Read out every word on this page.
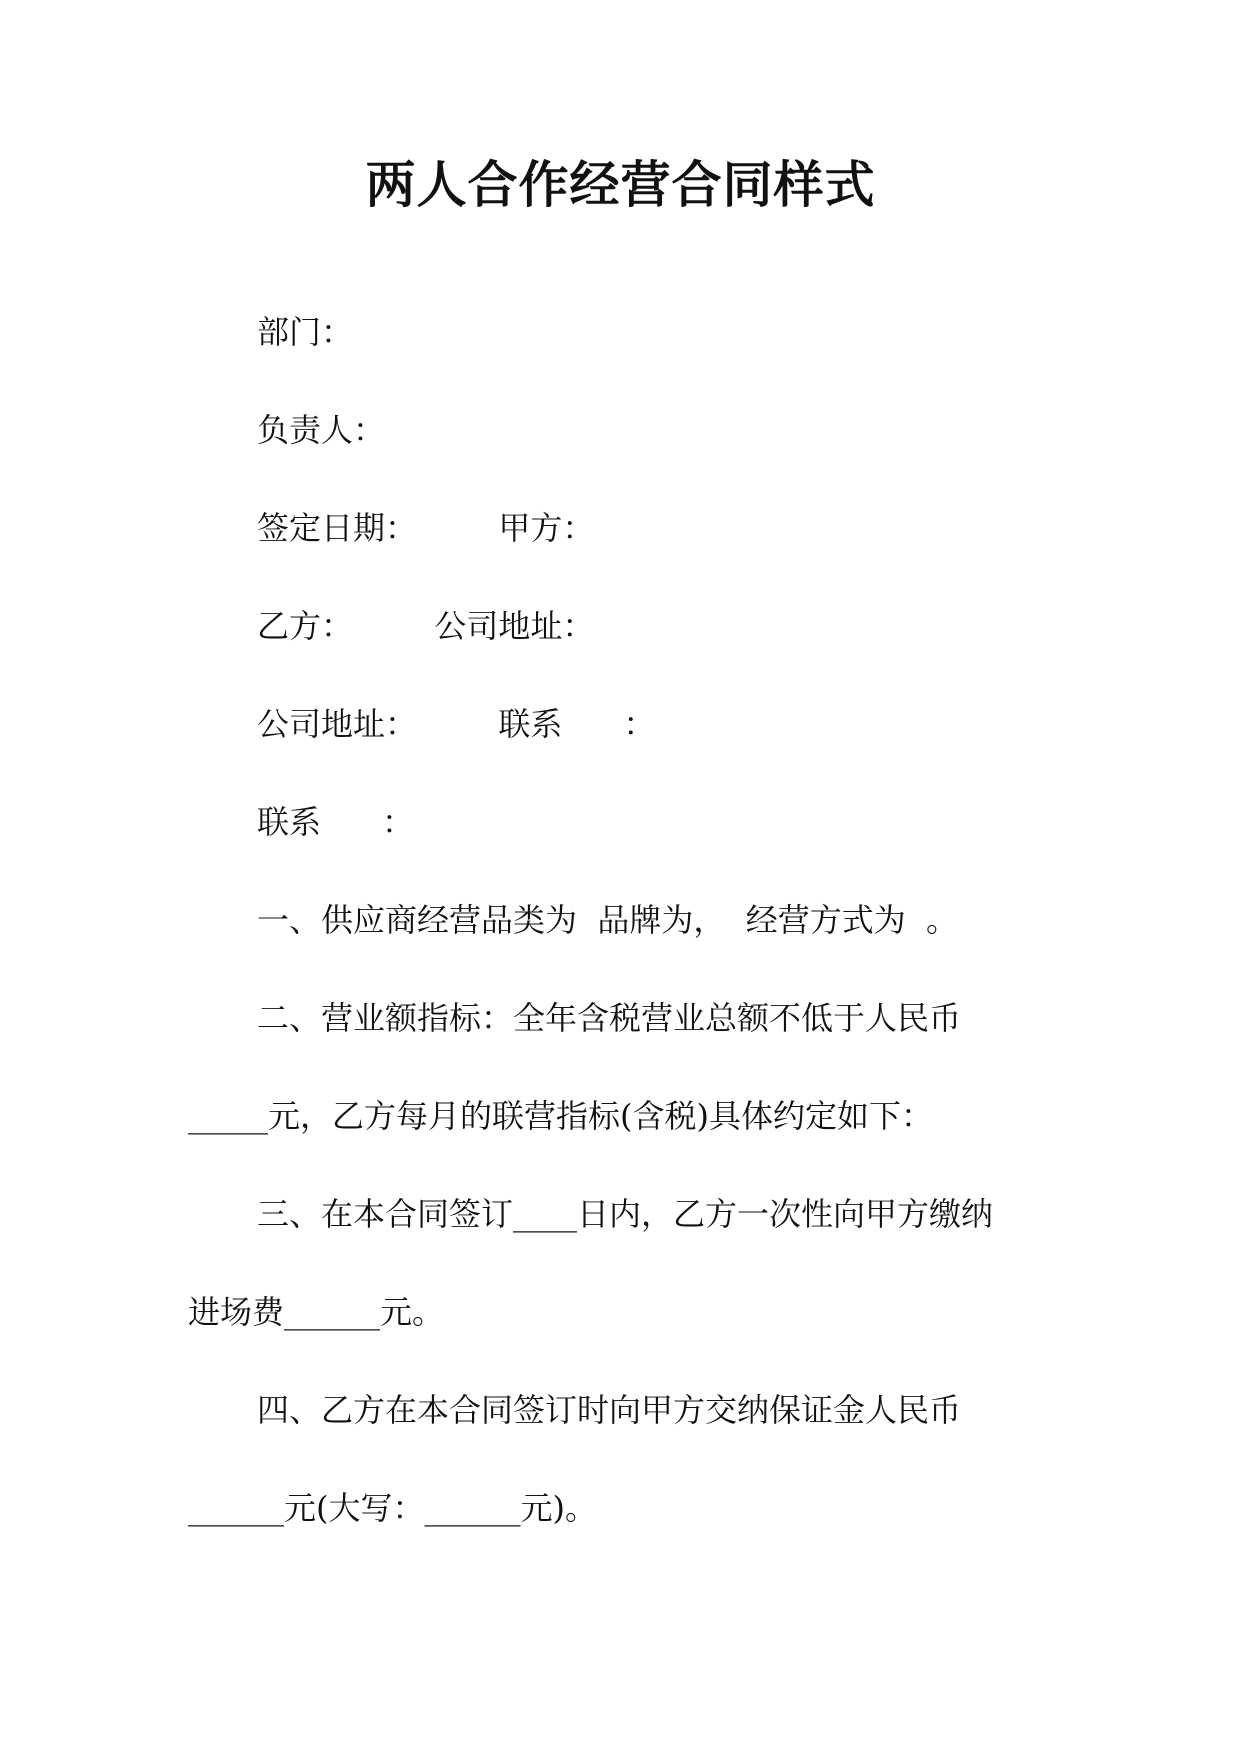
两人合作经营合同样式
部门：
负责人：
签定日期：        甲方：
乙方：        公司地址：
公司地址：        联系      ：
联系      ：
一、供应商经营品类为  品牌为，  经营方式为  。
二、营业额指标：全年含税营业总额不低于人民币
_____元，乙方每月的联营指标(含税)具体约定如下：
三、在本合同签订____日内，乙方一次性向甲方缴纳
进场费______元。
四、乙方在本合同签订时向甲方交纳保证金人民币
______元(大写：______元)。
